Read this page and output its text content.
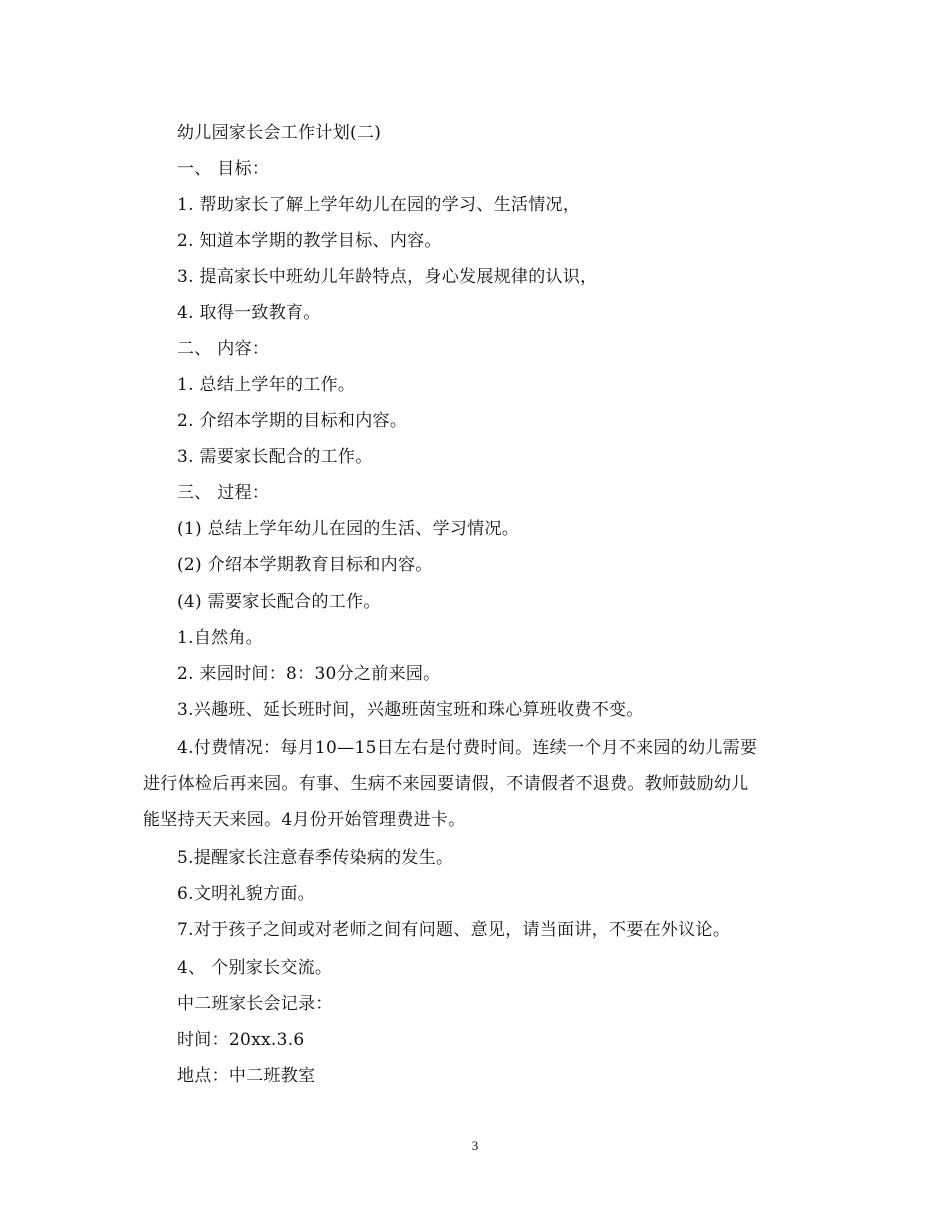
幼儿园家长会工作计划(二)
一、 目标：
1. 帮助家长了解上学年幼儿在园的学习、生活情况，
2. 知道本学期的教学目标、内容。
3. 提高家长中班幼儿年龄特点，身心发展规律的认识，
4. 取得一致教育。
二、 内容：
1. 总结上学年的工作。
2. 介绍本学期的目标和内容。
3. 需要家长配合的工作。
三、 过程：
(1) 总结上学年幼儿在园的生活、学习情况。
(2) 介绍本学期教育目标和内容。
(4) 需要家长配合的工作。
1.自然角。
2. 来园时间：8：30分之前来园。
3.兴趣班、延长班时间，兴趣班茵宝班和珠心算班收费不变。
4.付费情况：每月10—15日左右是付费时间。连续一个月不来园的幼儿需要
进行体检后再来园。有事、生病不来园要请假，不请假者不退费。教师鼓励幼儿
能坚持天天来园。4月份开始管理费进卡。
5.提醒家长注意春季传染病的发生。
6.文明礼貌方面。
7.对于孩子之间或对老师之间有问题、意见，请当面讲，不要在外议论。
4、 个别家长交流。
中二班家长会记录：
时间：20xx.3.6
地点：中二班教室
3
